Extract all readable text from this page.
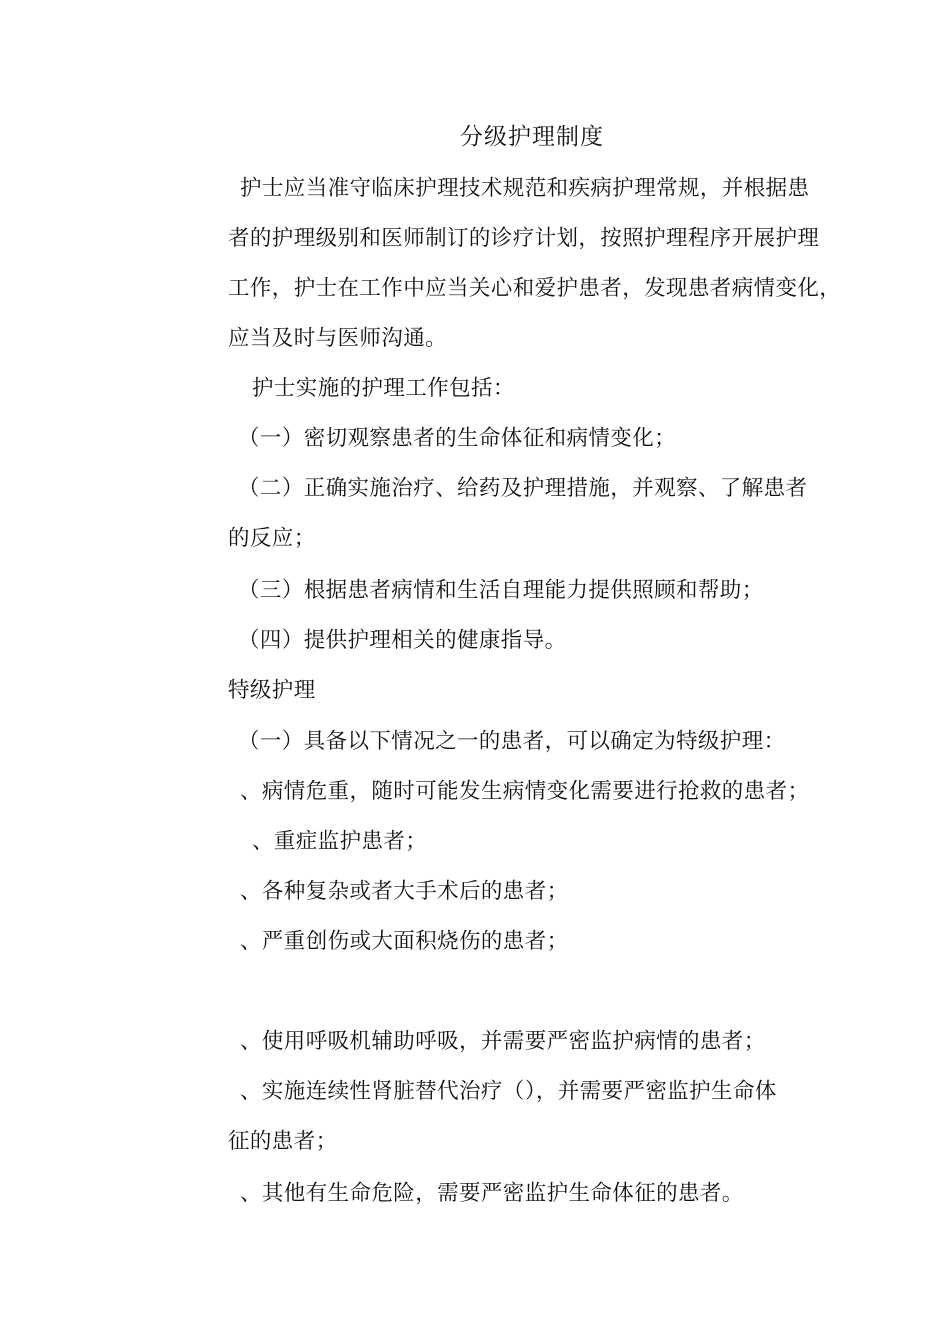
分级护理制度
护士应当准守临床护理技术规范和疾病护理常规，并根据患
者的护理级别和医师制订的诊疗计划，按照护理程序开展护理
工作，护士在工作中应当关心和爱护患者，发现患者病情变化，
应当及时与医师沟通。
护士实施的护理工作包括：
（一）密切观察患者的生命体征和病情变化；
（二）正确实施治疗、给药及护理措施，并观察、了解患者
的反应；
（三）根据患者病情和生活自理能力提供照顾和帮助；
（四）提供护理相关的健康指导。
特级护理
（一）具备以下情况之一的患者，可以确定为特级护理：
、病情危重，随时可能发生病情变化需要进行抢救的患者；
、重症监护患者；
、各种复杂或者大手术后的患者；
、严重创伤或大面积烧伤的患者；
、使用呼吸机辅助呼吸，并需要严密监护病情的患者；
、实施连续性肾脏替代治疗（），并需要严密监护生命体
征的患者；
、其他有生命危险，需要严密监护生命体征的患者。
